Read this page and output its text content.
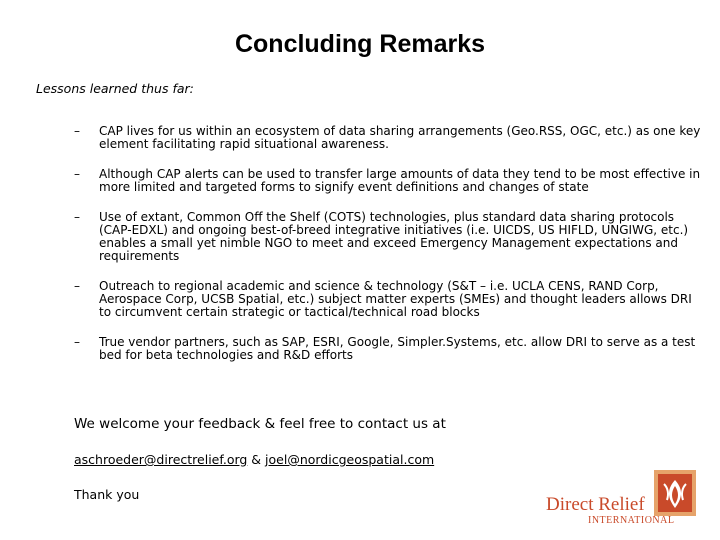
Concluding Remarks
Lessons learned thus far:
– CAP lives for us within an ecosystem of data sharing arrangements (Geo.RSS, OGC, etc.) as one key element facilitating rapid situational awareness.
– Although CAP alerts can be used to transfer large amounts of data they tend to be most effective in more limited and targeted forms to signify event definitions and changes of state
– Use of extant, Common Off the Shelf (COTS) technologies, plus standard data sharing protocols (CAP-EDXL) and ongoing best-of-breed integrative initiatives (i.e. UICDS, US HIFLD, UNGIWG, etc.) enables a small yet nimble NGO to meet and exceed Emergency Management expectations and requirements
– Outreach to regional academic and science & technology (S&T – i.e. UCLA CENS, RAND Corp, Aerospace Corp, UCSB Spatial, etc.) subject matter experts (SMEs) and thought leaders allows DRI to circumvent certain strategic or tactical/technical road blocks
– True vendor partners, such as SAP, ESRI, Google, Simpler.Systems, etc. allow DRI to serve as a test bed for beta technologies and R&D efforts
We welcome your feedback & feel free to contact us at
aschroeder@directrelief.org & joel@nordicgeospatial.com
Thank you	Direct Relief
INTERNATIONAL
